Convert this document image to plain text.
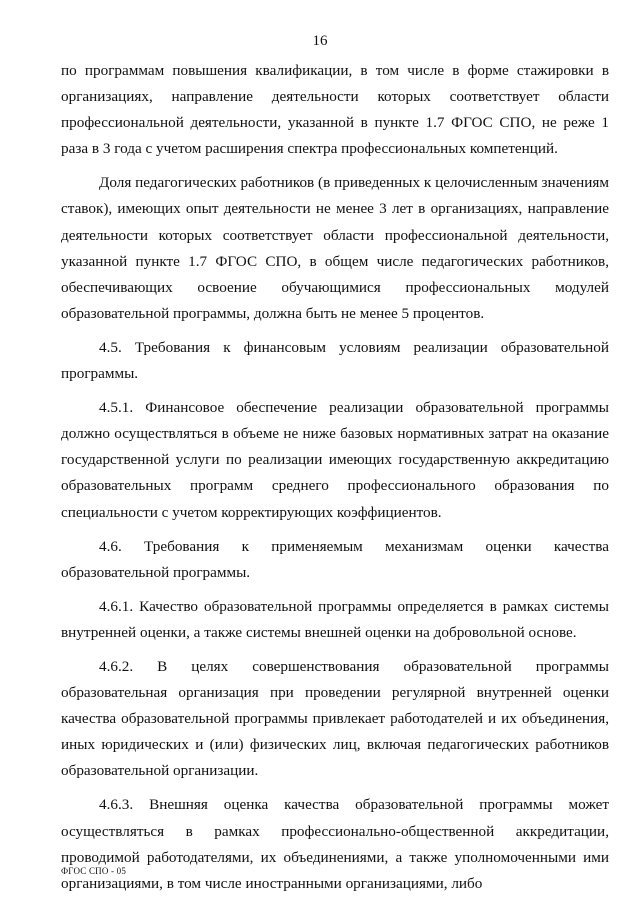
16

по программам повышения квалификации, в том числе в форме стажировки в организациях, направление деятельности которых соответствует области профессиональной деятельности, указанной в пункте 1.7 ФГОС СПО, не реже 1 раза в 3 года с учетом расширения спектра профессиональных компетенций.

Доля педагогических работников (в приведенных к целочисленным значениям ставок), имеющих опыт деятельности не менее 3 лет в организациях, направление деятельности которых соответствует области профессиональной деятельности, указанной пункте 1.7 ФГОС СПО, в общем числе педагогических работников, обеспечивающих освоение обучающимися профессиональных модулей образовательной программы, должна быть не менее 5 процентов.

4.5. Требования к финансовым условиям реализации образовательной программы.

4.5.1. Финансовое обеспечение реализации образовательной программы должно осуществляться в объеме не ниже базовых нормативных затрат на оказание государственной услуги по реализации имеющих государственную аккредитацию образовательных программ среднего профессионального образования по специальности с учетом корректирующих коэффициентов.

4.6. Требования к применяемым механизмам оценки качества образовательной программы.

4.6.1. Качество образовательной программы определяется в рамках системы внутренней оценки, а также системы внешней оценки на добровольной основе.

4.6.2. В целях совершенствования образовательной программы образовательная организация при проведении регулярной внутренней оценки качества образовательной программы привлекает работодателей и их объединения, иных юридических и (или) физических лиц, включая педагогических работников образовательной организации.

4.6.3. Внешняя оценка качества образовательной программы может осуществляться в рамках профессионально-общественной аккредитации, проводимой работодателями, их объединениями, а также уполномоченными ими организациями, в том числе иностранными организациями, либо

ФГОС СПО - 05
